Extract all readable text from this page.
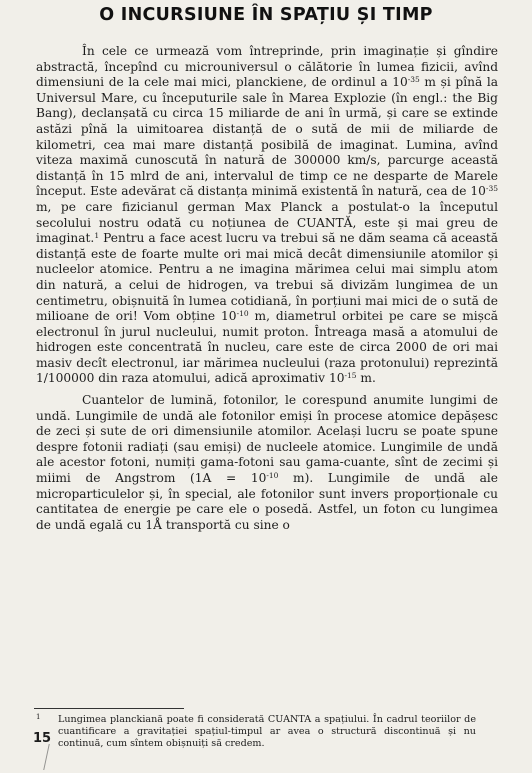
O INCURSIUNE ÎN SPAȚIU ȘI TIMP

În cele ce urmează vom întreprinde, prin imaginație și gîndire abstractă, începînd cu microuniversul o călătorie în lumea fizicii, avînd dimensiuni de la cele mai mici, planckiene, de ordinul a $10^{-35}$ m și pînă la Universul Mare, cu începuturile sale în Marea Explozie (în engl.: the Big Bang), declanșată cu circa 15 miliarde de ani în urmă, și care se extinde astăzi pînă la uimitoarea distanță de o sută de mii de miliarde de kilometri, cea mai mare distanță posibilă de imaginat. Lumina, avînd viteza maximă cunoscută în natură de 300000 km/s, parcurge această distanță în 15 mlrd de ani, intervalul de timp ce ne desparte de Marele început. Este adevărat că distanța minimă existentă în natură, cea de $10^{-35}$ m, pe care fizicianul german Max Planck a postulat-o la începutul secolului nostru odată cu noțiunea de CUANTĂ, este și mai greu de imaginat.$^1$ Pentru a face acest lucru va trebui să ne dăm seama că această distanță este de foarte multe ori mai mică decât dimensiunile atomilor și nucleelor atomice. Pentru a ne imagina mărimea celui mai simplu atom din natură, a celui de hidrogen, va trebui să divizăm lungimea de un centimetru, obișnuită în lumea cotidiană, în porțiuni mai mici de o sută de milioane de ori! Vom obține $10^{-10}$ m, diametrul orbitei pe care se mișcă electronul în jurul nucleului, numit proton. Întreaga masă a atomului de hidrogen este concentrată în nucleu, care este de circa 2000 de ori mai masiv decît electronul, iar mărimea nucleului (raza protonului) reprezintă 1/100000 din raza atomului, adică aproximativ $10^{-15}$ m.

Cuantelor de lumină, fotonilor, le corespund anumite lungimi de undă. Lungimile de undă ale fotonilor emiși în procese atomice depășesc de zeci și sute de ori dimensiunile atomilor. Același lucru se poate spune despre fotonii radiați (sau emiși) de nucleele atomice. Lungimile de undă ale acestor fotoni, numiți gama-fotoni sau gama-cuante, sînt de zecimi și miimi de Angstrom ($1A = 10^{-10}$ m). Lungimile de undă ale microparticulelor și, în special, ale fotonilor sunt invers proporționale cu cantitatea de energie pe care ele o posedă. Astfel, un foton cu lungimea de undă egală cu 1Å transportă cu sine o

1	Lungimea planckiană poate fi considerată CUANTA a spațiului. În cadrul teoriilor de cuantificare a gravitației spațiul-timpul ar avea o structură discontinuă și nu continuă, cum sîntem obișnuiți să credem.
15
